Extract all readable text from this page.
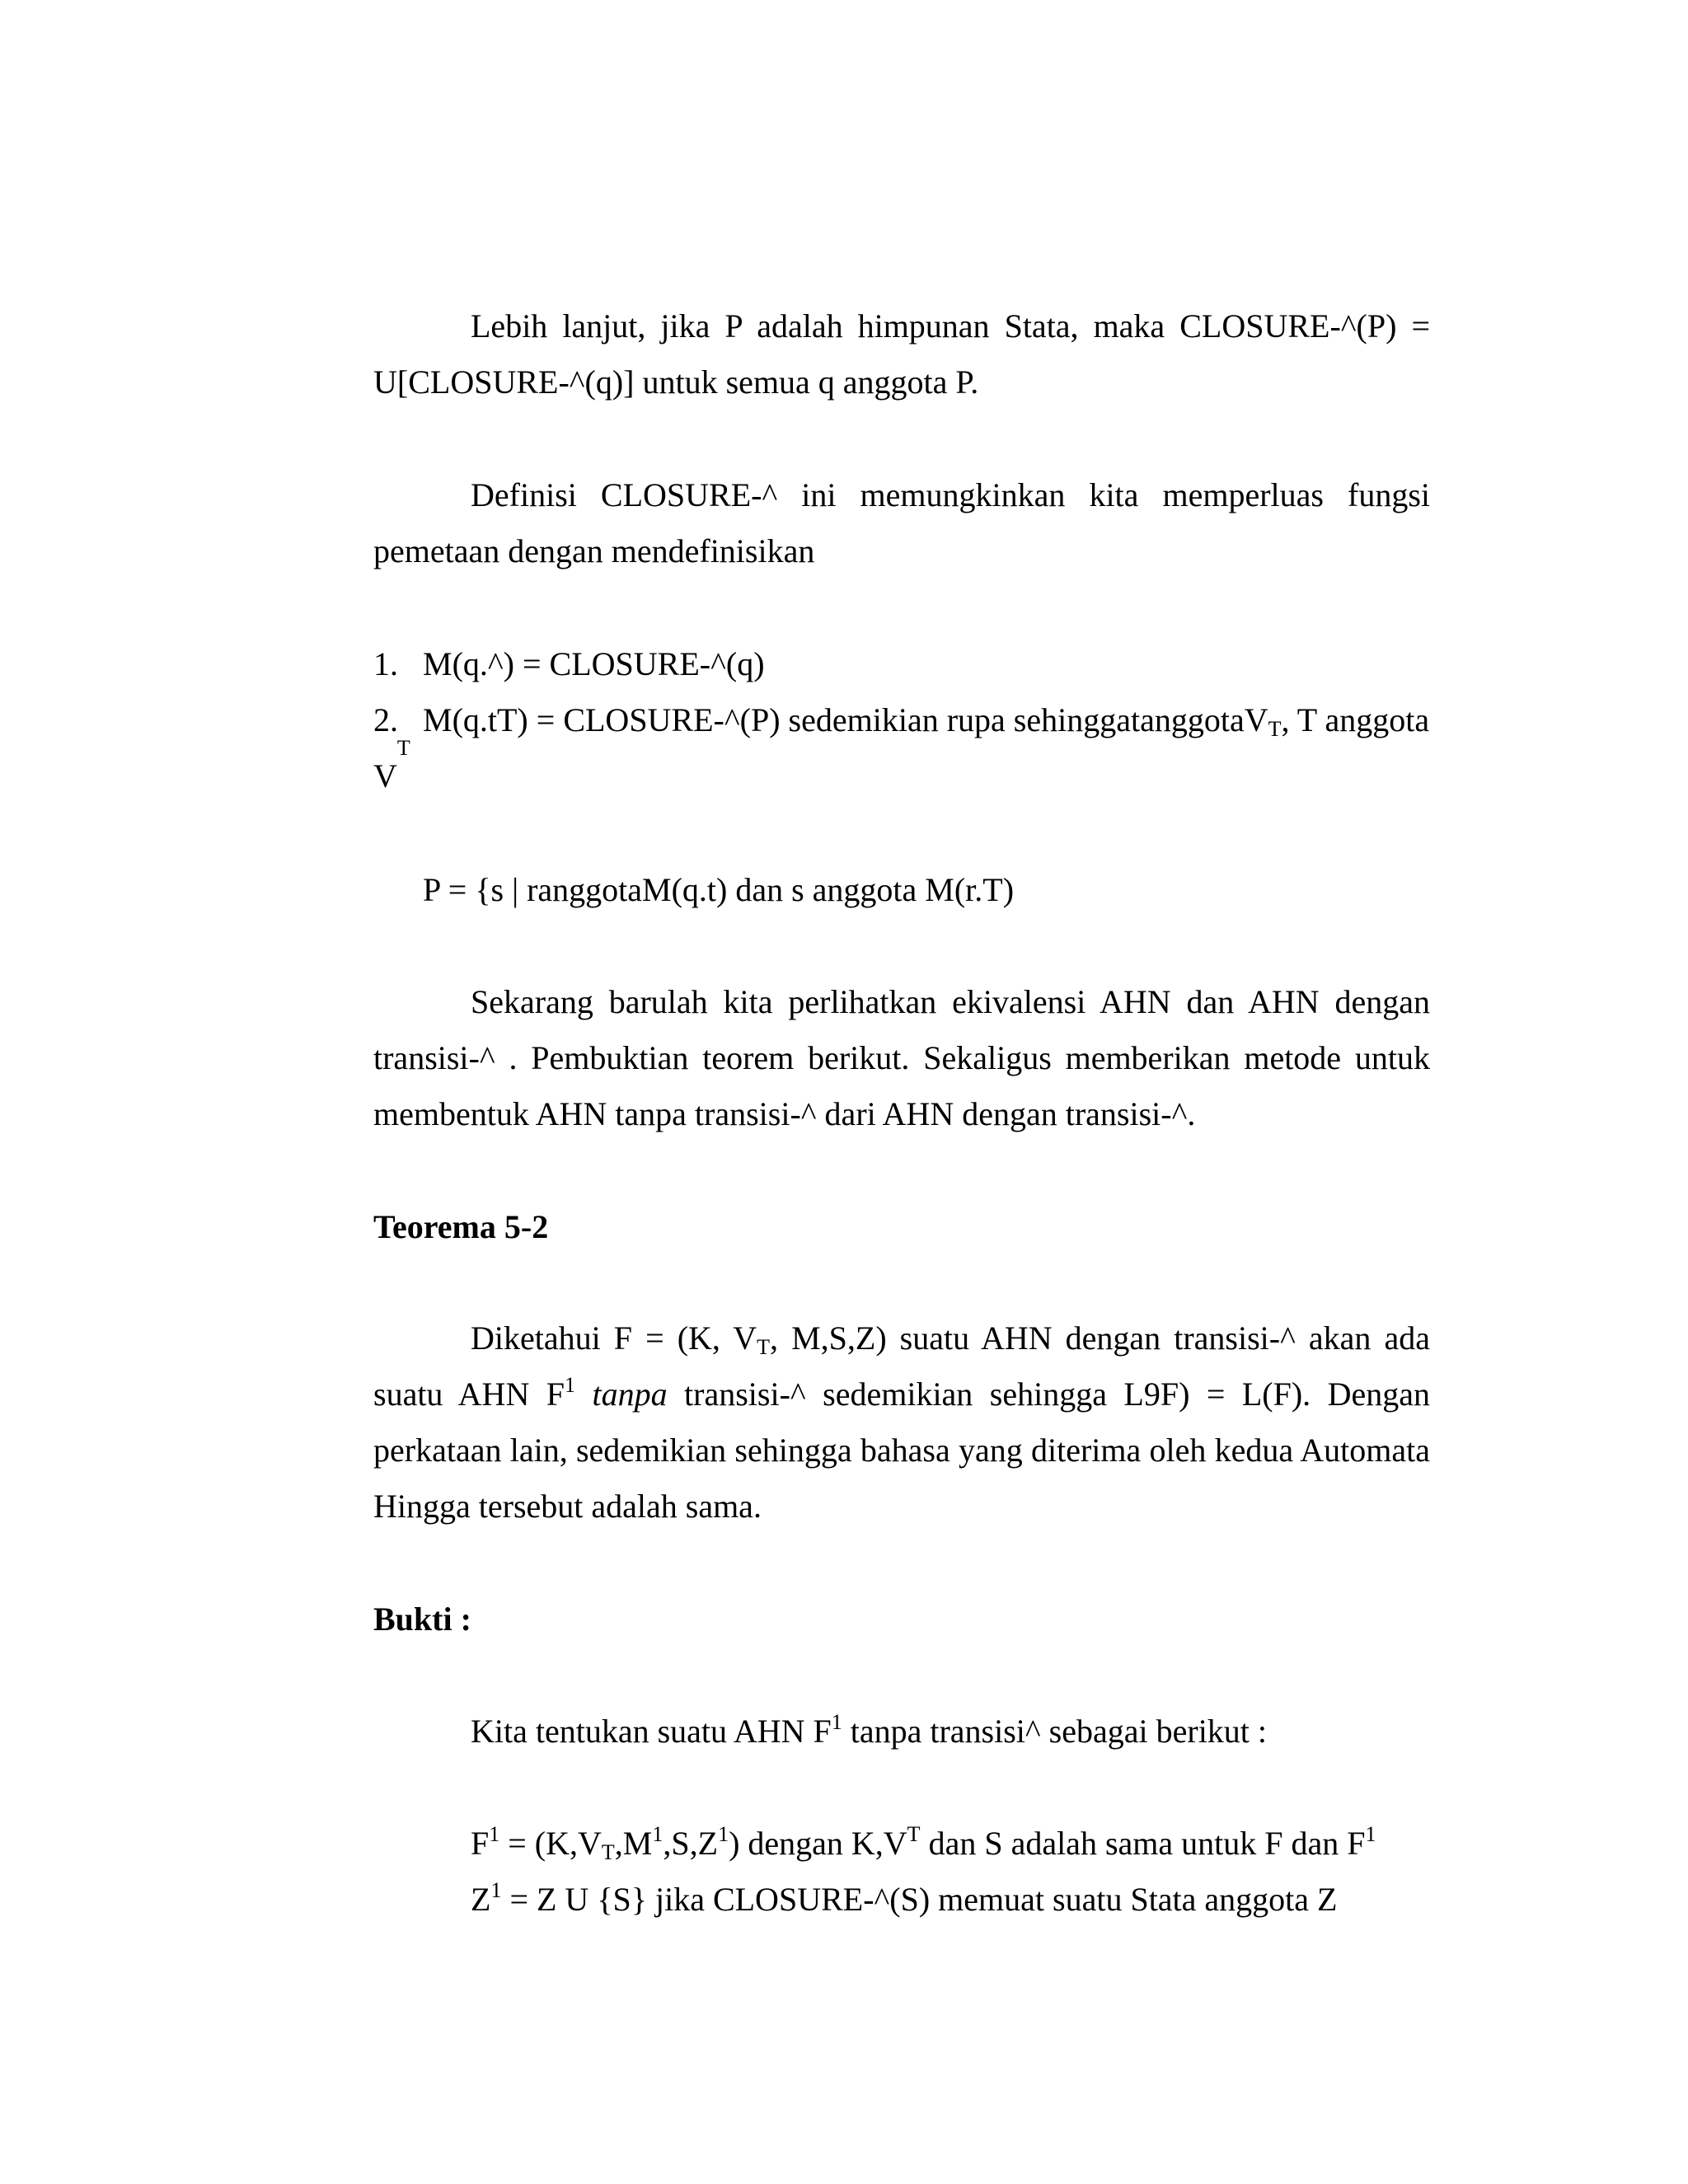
Lebih lanjut, jika P adalah himpunan Stata, maka CLOSURE-^(P) = U[CLOSURE-^(q)] untuk semua q anggota P.
Definisi CLOSURE-^ ini memungkinkan kita memperluas fungsi pemetaan dengan mendefinisikan
1. M(q.^) = CLOSURE-^(q)
2. M(q.tT) = CLOSURE-^(P) sedemikian rupa sehinggatanggotaV$_T$, T anggota
V
T
P = {s | ranggotaM(q.t) dan s anggota M(r.T)
Sekarang barulah kita perlihatkan ekivalensi AHN dan AHN dengan transisi-^ . Pembuktian teorem berikut. Sekaligus memberikan metode untuk membentuk AHN tanpa transisi-^ dari AHN dengan transisi-^.
Teorema 5-2
Diketahui F = (K, $V_T$, M,S,Z) suatu AHN dengan transisi-^ akan ada suatu AHN $F^1$ tanpa transisi-^ sedemikian sehingga L9F) = L(F). Dengan perkataan lain, sedemikian sehingga bahasa yang diterima oleh kedua Automata Hingga tersebut adalah sama.
Bukti :
Kita tentukan suatu AHN $F^1$ tanpa transisi^ sebagai berikut :
$F^1 = (K,V_T,M^1,S,Z^1)$ dengan $K,V^T$ dan S adalah sama untuk F dan $F^1$
$Z^1 = Z$ U {S} jika CLOSURE-^(S) memuat suatu Stata anggota Z
